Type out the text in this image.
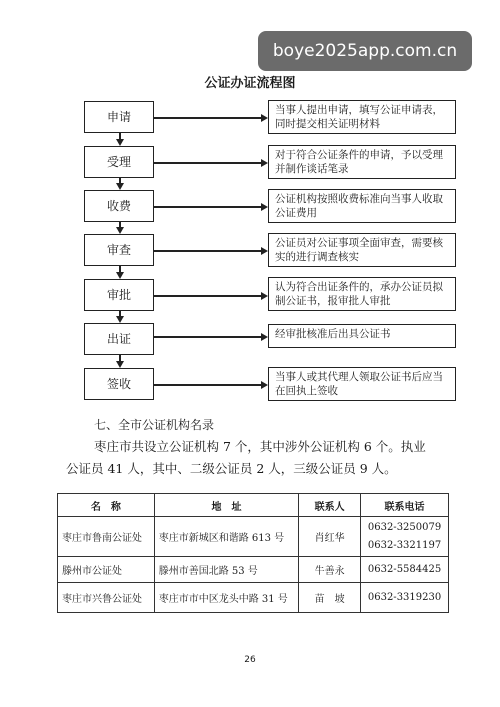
boye2025app.com.cn
公证办证流程图
申请
受理
收费
审查
审批
出证
签收
当事人提出申请，填写公证申请表，同时提交相关证明材料
对于符合公证条件的申请，予以受理并制作谈话笔录
公证机构按照收费标准向当事人收取公证费用
公证员对公证事项全面审查，需要核实的进行调查核实
认为符合出证条件的，承办公证员拟制公证书，报审批人审批
经审批核准后出具公证书
当事人或其代理人领取公证书后应当在回执上签收
七、全市公证机构名录
枣庄市共设立公证机构 7 个，其中涉外公证机构 6 个。执业
公证员 41 人，其中、二级公证员 2 人，三级公证员 9 人。
名　称	地　址	联系人	联系电话
枣庄市鲁南公证处	枣庄市新城区和谐路 613 号	肖红华	0632-3250079
0632-3321197

滕州市公证处	滕州市善国北路 53 号	牛善永	0632-5584425
枣庄市兴鲁公证处	枣庄市市中区龙头中路 31 号	苗　坡	0632-3319230
26
